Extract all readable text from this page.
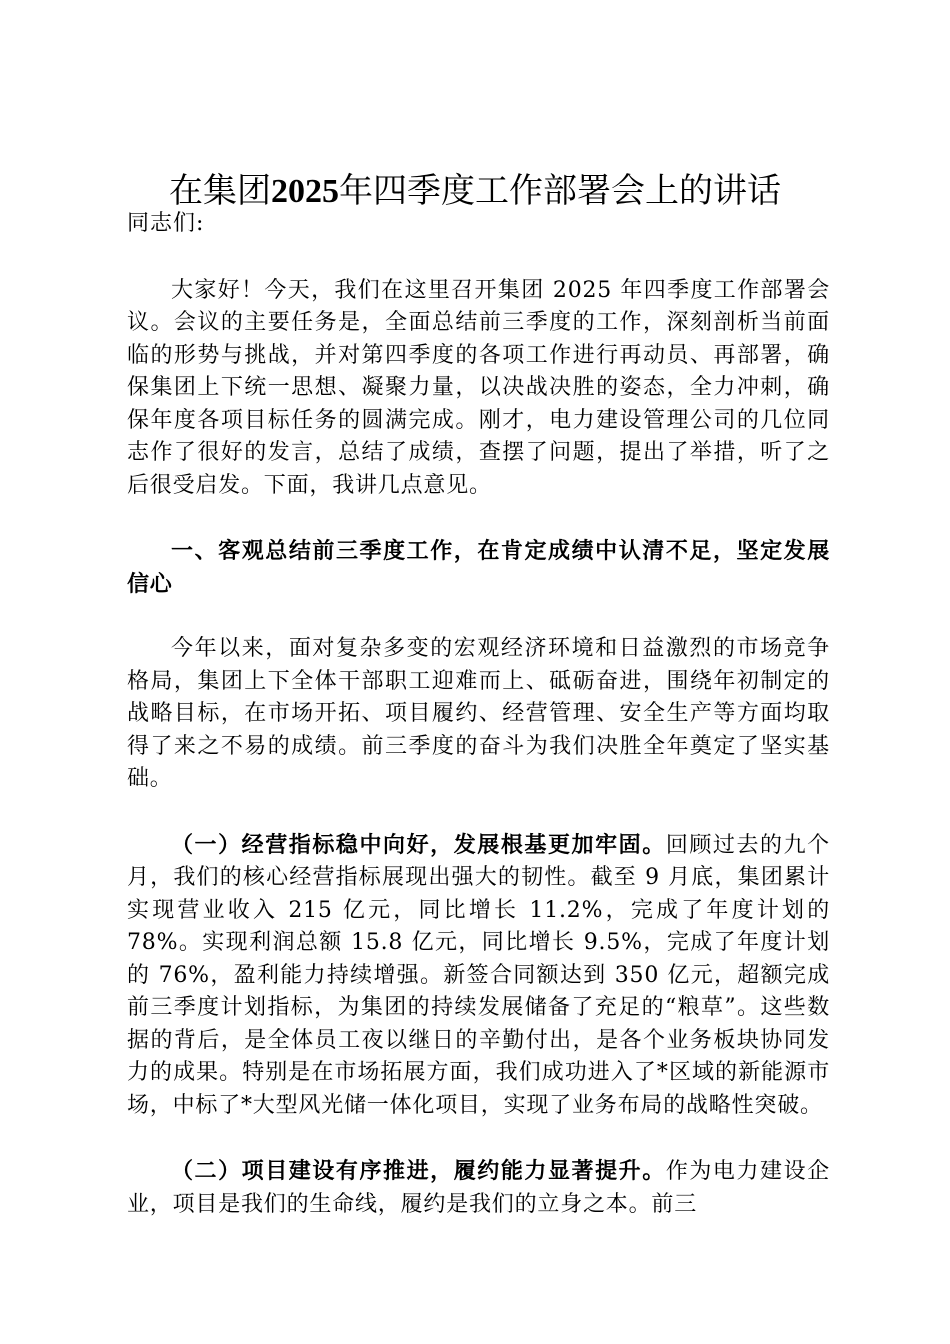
在集团2025年四季度工作部署会上的讲话

同志们:

大家好！今天，我们在这里召开集团 2025 年四季度工作部署会议。会议的主要任务是，全面总结前三季度的工作，深刻剖析当前面临的形势与挑战，并对第四季度的各项工作进行再动员、再部署，确保集团上下统一思想、凝聚力量，以决战决胜的姿态，全力冲刺，确保年度各项目标任务的圆满完成。刚才，电力建设管理公司的几位同志作了很好的发言，总结了成绩，查摆了问题，提出了举措，听了之后很受启发。下面，我讲几点意见。

一、客观总结前三季度工作，在肯定成绩中认清不足，坚定发展信心

今年以来，面对复杂多变的宏观经济环境和日益激烈的市场竞争格局，集团上下全体干部职工迎难而上、砥砺奋进，围绕年初制定的战略目标，在市场开拓、项目履约、经营管理、安全生产等方面均取得了来之不易的成绩。前三季度的奋斗为我们决胜全年奠定了坚实基础。

（一）经营指标稳中向好，发展根基更加牢固。回顾过去的九个月，我们的核心经营指标展现出强大的韧性。截至 9 月底，集团累计实现营业收入 215 亿元，同比增长 11.2%，完成了年度计划的 78%。实现利润总额 15.8 亿元，同比增长 9.5%，完成了年度计划的 76%，盈利能力持续增强。新签合同额达到 350 亿元，超额完成前三季度计划指标，为集团的持续发展储备了充足的“粮草”。这些数据的背后，是全体员工夜以继日的辛勤付出，是各个业务板块协同发力的成果。特别是在市场拓展方面，我们成功进入了*区域的新能源市场，中标了*大型风光储一体化项目，实现了业务布局的战略性突破。

（二）项目建设有序推进，履约能力显著提升。作为电力建设企业，项目是我们的生命线，履约是我们的立身之本。前三
